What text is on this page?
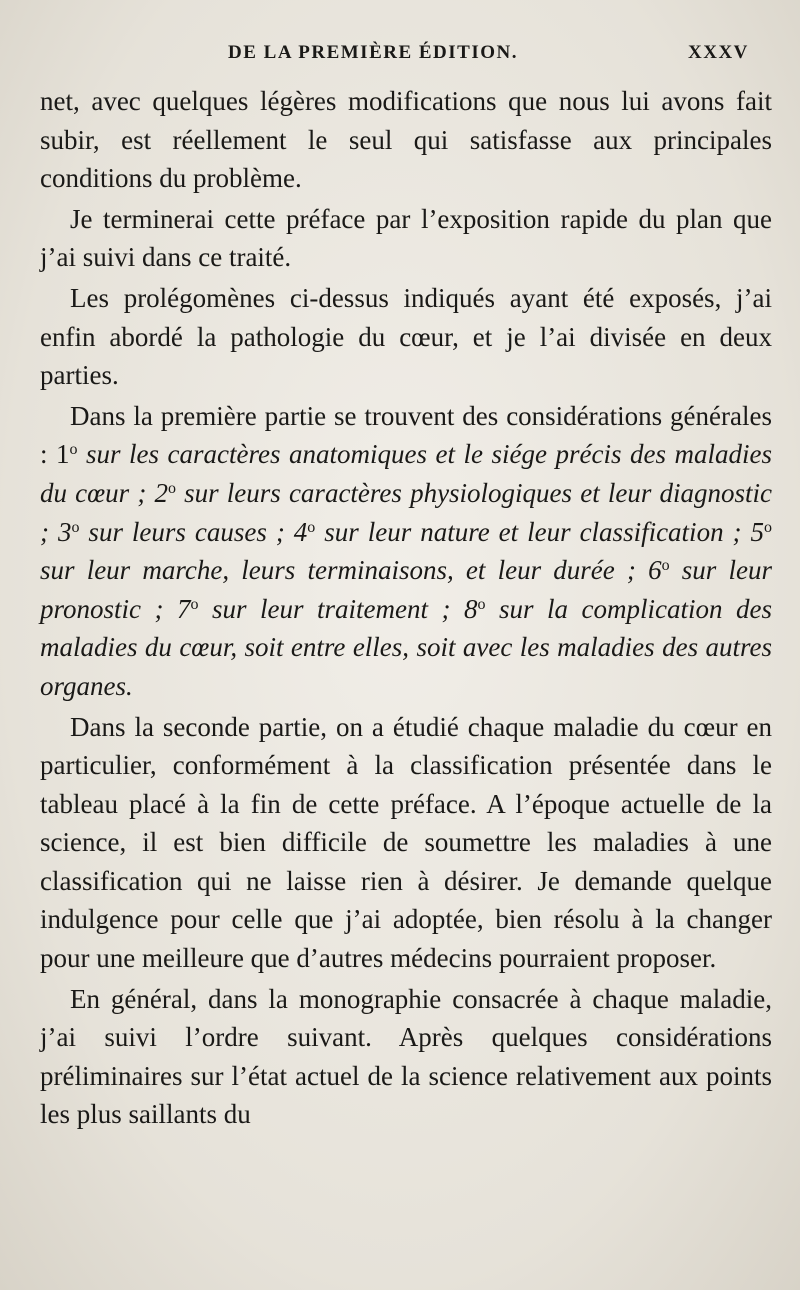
DE LA PREMIÈRE ÉDITION.	XXXV

net, avec quelques légères modifications que nous lui avons fait subir, est réellement le seul qui satisfasse aux principales conditions du problème.

Je terminerai cette préface par l’exposition rapide du plan que j’ai suivi dans ce traité.

Les prolégomènes ci-dessus indiqués ayant été exposés, j’ai enfin abordé la pathologie du cœur, et je l’ai divisée en deux parties.

Dans la première partie se trouvent des considérations générales : 1$^o$ sur les caractères anatomiques et le siége précis des maladies du cœur ; 2$^o$ sur leurs caractères physiologiques et leur diagnostic ; 3$^o$ sur leurs causes ; 4$^o$ sur leur nature et leur classification ; 5$^o$ sur leur marche, leurs terminaisons, et leur durée ; 6$^o$ sur leur pronostic ; 7$^o$ sur leur traitement ; 8$^o$ sur la complication des maladies du cœur, soit entre elles, soit avec les maladies des autres organes.

Dans la seconde partie, on a étudié chaque maladie du cœur en particulier, conformément à la classification présentée dans le tableau placé à la fin de cette préface. A l’époque actuelle de la science, il est bien difficile de soumettre les maladies à une classification qui ne laisse rien à désirer. Je demande quelque indulgence pour celle que j’ai adoptée, bien résolu à la changer pour une meilleure que d’autres médecins pourraient proposer.

En général, dans la monographie consacrée à chaque maladie, j’ai suivi l’ordre suivant. Après quelques considérations préliminaires sur l’état actuel de la science relativement aux points les plus saillants du
